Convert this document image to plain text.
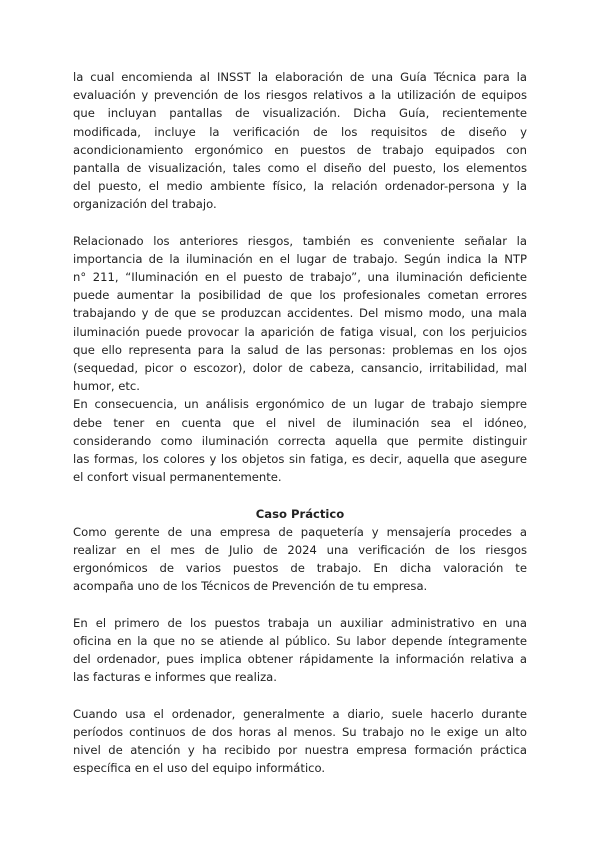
la cual encomienda al INSST la elaboración de una Guía Técnica para la
evaluación y prevención de los riesgos relativos a la utilización de equipos
que incluyan pantallas de visualización. Dicha Guía, recientemente
modificada, incluye la verificación de los requisitos de diseño y
acondicionamiento ergonómico en puestos de trabajo equipados con
pantalla de visualización, tales como el diseño del puesto, los elementos
del puesto, el medio ambiente físico, la relación ordenador-persona y la
organización del trabajo.
Relacionado los anteriores riesgos, también es conveniente señalar la
importancia de la iluminación en el lugar de trabajo. Según indica la NTP
n° 211, “Iluminación en el puesto de trabajo”, una iluminación deficiente
puede aumentar la posibilidad de que los profesionales cometan errores
trabajando y de que se produzcan accidentes. Del mismo modo, una mala
iluminación puede provocar la aparición de fatiga visual, con los perjuicios
que ello representa para la salud de las personas: problemas en los ojos
(sequedad, picor o escozor), dolor de cabeza, cansancio, irritabilidad, mal
humor, etc.
En consecuencia, un análisis ergonómico de un lugar de trabajo siempre
debe tener en cuenta que el nivel de iluminación sea el idóneo,
considerando como iluminación correcta aquella que permite distinguir
las formas, los colores y los objetos sin fatiga, es decir, aquella que asegure
el confort visual permanentemente.
Caso Práctico
Como gerente de una empresa de paquetería y mensajería procedes a
realizar en el mes de Julio de 2024 una verificación de los riesgos
ergonómicos de varios puestos de trabajo. En dicha valoración te
acompaña uno de los Técnicos de Prevención de tu empresa.
En el primero de los puestos trabaja un auxiliar administrativo en una
oficina en la que no se atiende al público. Su labor depende íntegramente
del ordenador, pues implica obtener rápidamente la información relativa a
las facturas e informes que realiza.
Cuando usa el ordenador, generalmente a diario, suele hacerlo durante
períodos continuos de dos horas al menos. Su trabajo no le exige un alto
nivel de atención y ha recibido por nuestra empresa formación práctica
específica en el uso del equipo informático.
